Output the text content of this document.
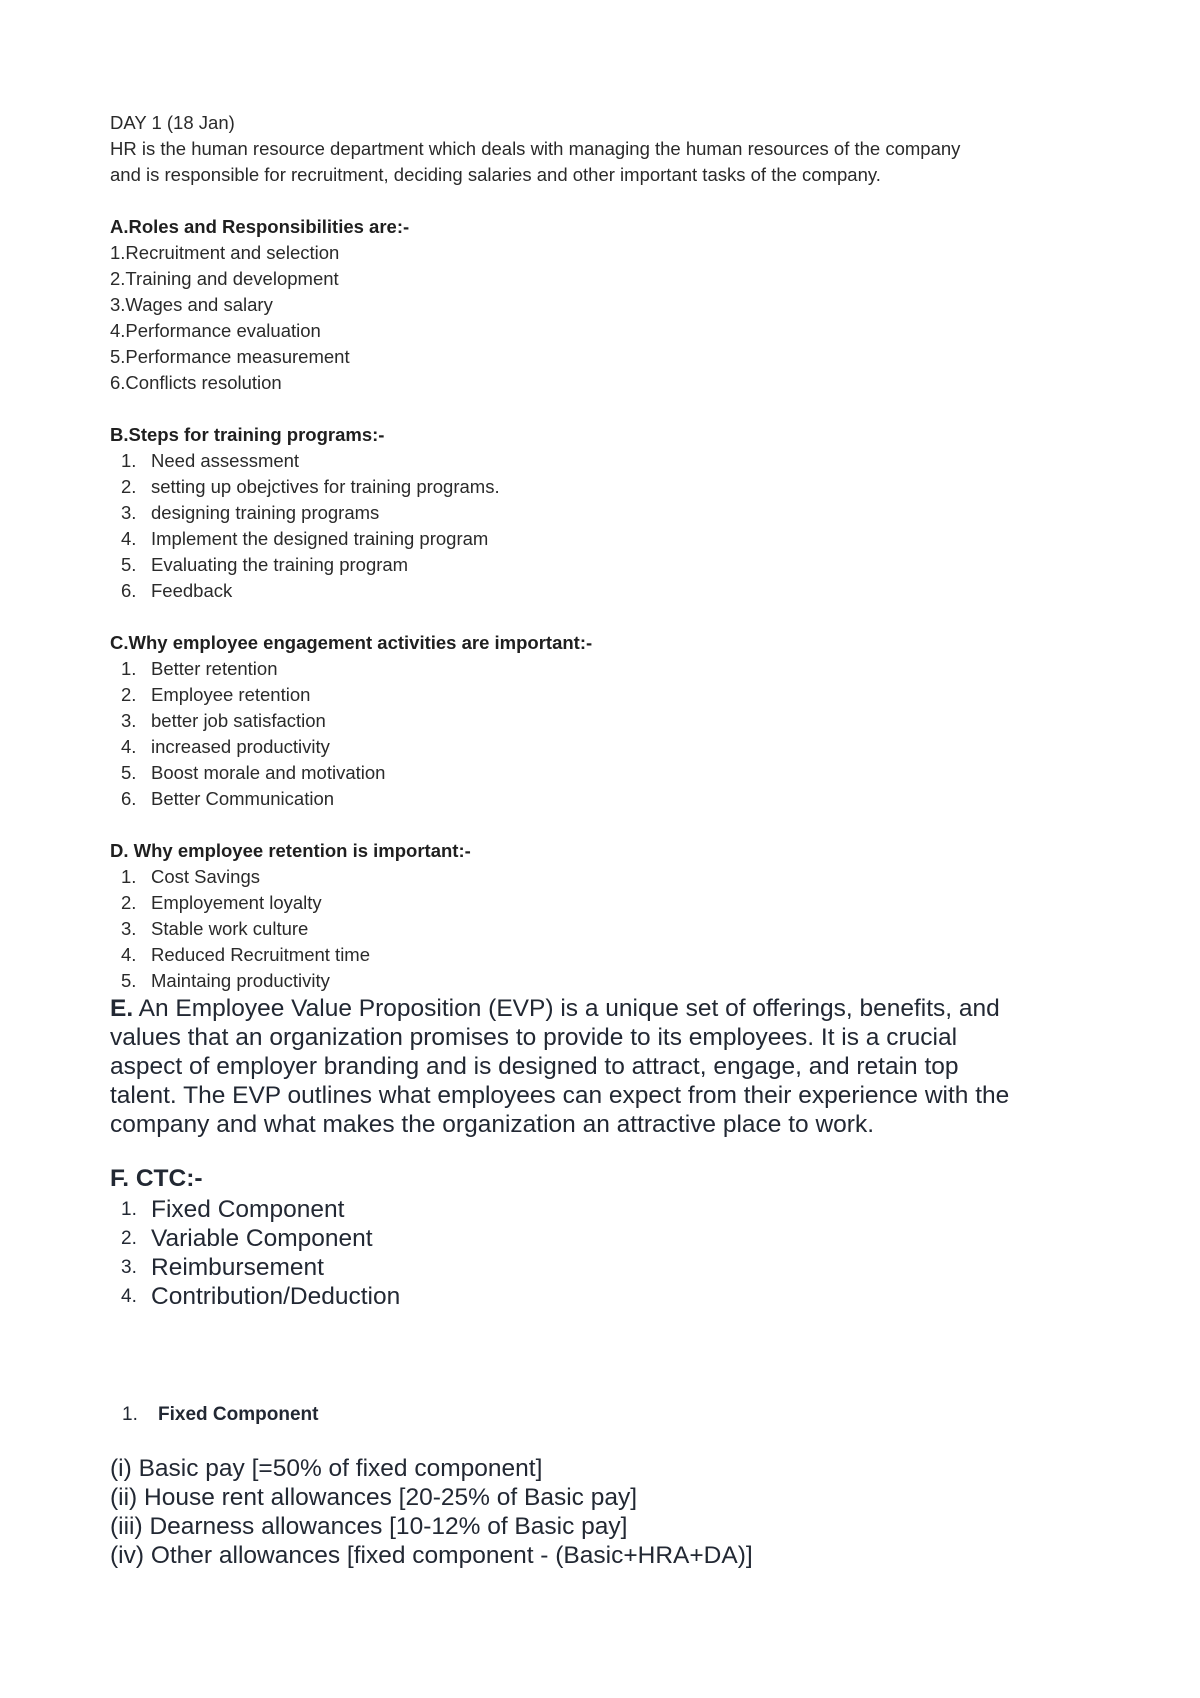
DAY 1 (18 Jan)

HR is the human resource department which deals with managing the human resources of the company

and is responsible for recruitment, deciding salaries and other important tasks of the company.

A.Roles and Responsibilities are:-

1.Recruitment and selection
2.Training and development
3.Wages and salary
4.Performance evaluation
5.Performance measurement
6.Conflicts resolution

B.Steps for training programs:-

1. Need assessment
2. setting up obejctives for training programs.
3. designing training programs
4. Implement the designed training program
5. Evaluating the training program
6. Feedback

C.Why employee engagement activities are important:-

1. Better retention
2. Employee retention
3. better job satisfaction
4. increased productivity
5. Boost morale and motivation
6. Better Communication

D. Why employee retention is important:-

1. Cost Savings
2. Employement loyalty
3. Stable work culture
4. Reduced Recruitment time
5. Maintaing productivity

E. An Employee Value Proposition (EVP) is a unique set of offerings, benefits, and

values that an organization promises to provide to its employees. It is a crucial

aspect of employer branding and is designed to attract, engage, and retain top

talent. The EVP outlines what employees can expect from their experience with the

company and what makes the organization an attractive place to work.

F. CTC:-

1. Fixed Component
2. Variable Component
3. Reimbursement
4. Contribution/Deduction

1. Fixed Component

(i) Basic pay [=50% of fixed component]

(ii) House rent allowances [20-25% of Basic pay]

(iii) Dearness allowances [10-12% of Basic pay]

(iv) Other allowances [fixed component - (Basic+HRA+DA)]
